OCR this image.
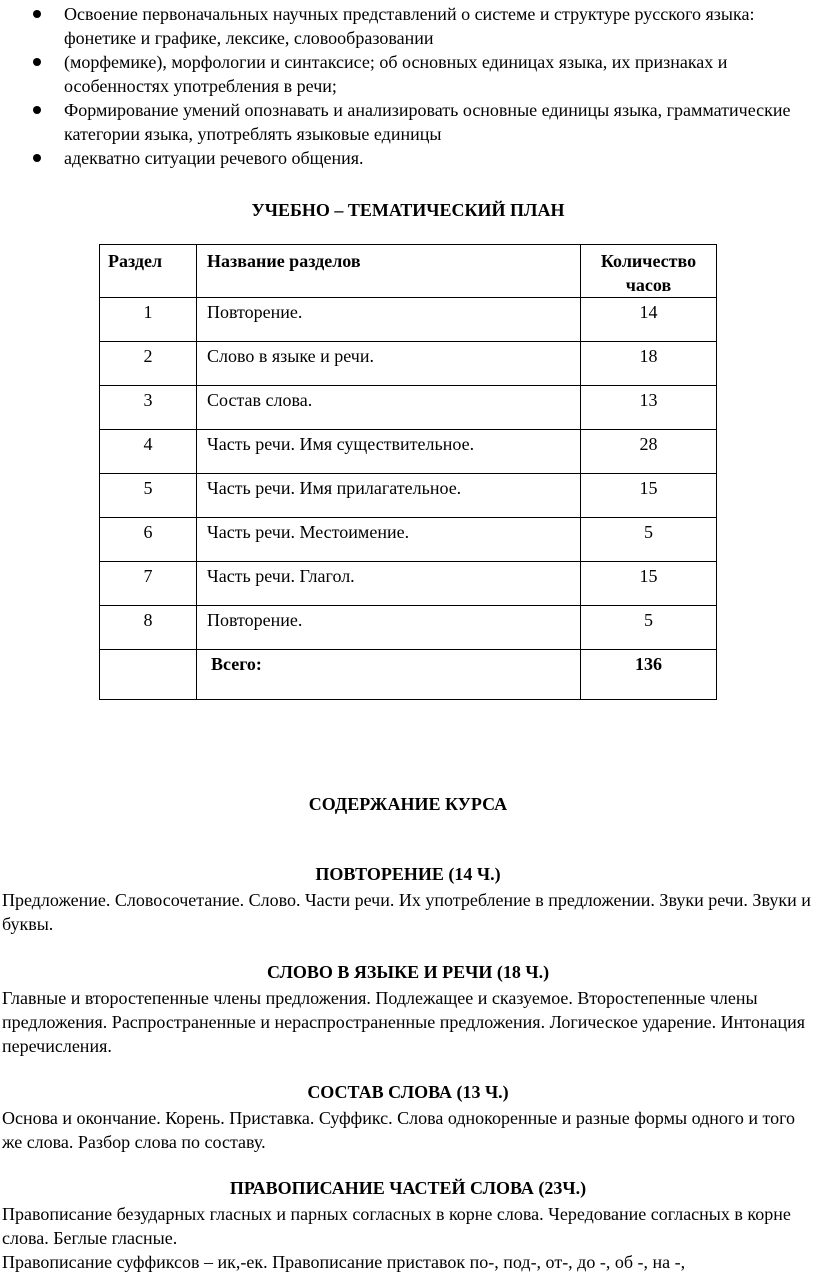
Освоение первоначальных научных представлений о системе и структуре русского языка: фонетике и графике, лексике, словообразовании
(морфемике), морфологии и синтаксисе; об основных единицах языка, их признаках и особенностях употребления в речи;
Формирование умений опознавать и анализировать основные единицы языка, грамматические категории языка, употреблять языковые единицы
адекватно ситуации речевого общения.
УЧЕБНО – ТЕМАТИЧЕСКИЙ ПЛАН
Раздел	Название разделов	Количество часов
1	Повторение.	14
2	Слово в языке и речи.	18
3	Состав слова.	13
4	Часть речи. Имя существительное.	28
5	Часть речи. Имя прилагательное.	15
6	Часть речи. Местоимение.	5
7	Часть речи. Глагол.	15
8	Повторение.	5
	Всего:	136
СОДЕРЖАНИЕ КУРСА
ПОВТОРЕНИЕ (14 Ч.)
Предложение. Словосочетание. Слово. Части речи. Их употребление в предложении. Звуки речи. Звуки и буквы.
СЛОВО В ЯЗЫКЕ И РЕЧИ (18 Ч.)
Главные и второстепенные члены предложения. Подлежащее и сказуемое. Второстепенные члены предложения. Распространенные и нераспространенные предложения. Логическое ударение. Интонация перечисления.
СОСТАВ СЛОВА (13 Ч.)
Основа и окончание. Корень. Приставка. Суффикс. Слова однокоренные и разные формы одного и того же слова. Разбор слова по составу.
ПРАВОПИСАНИЕ ЧАСТЕЙ СЛОВА (23Ч.)
Правописание безударных гласных и парных согласных в корне слова. Чередование согласных в корне слова. Беглые гласные.
Правописание суффиксов – ик,-ек. Правописание приставок по-, под-, от-, до -, об -, на -,
